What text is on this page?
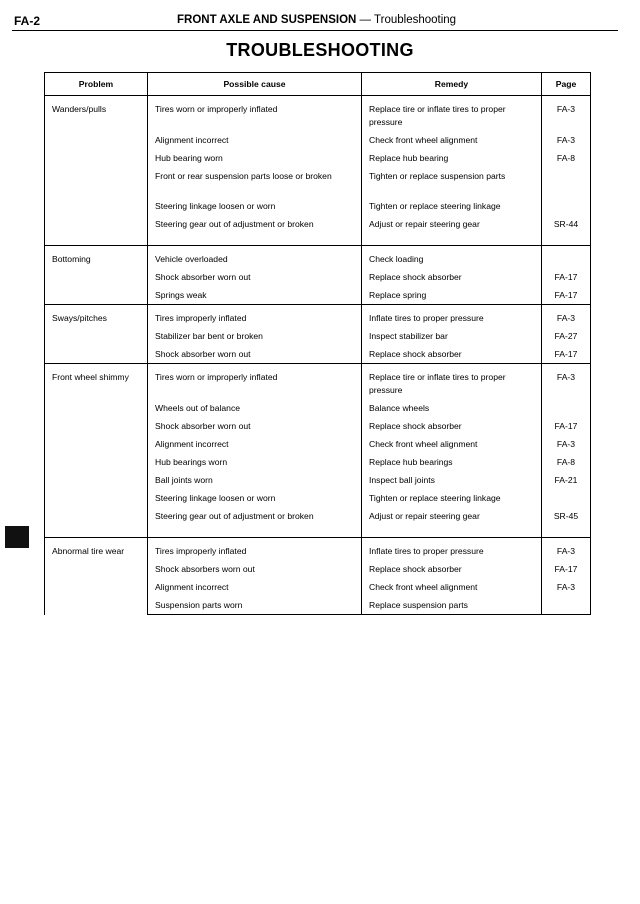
FA-2	FRONT AXLE AND SUSPENSION — Troubleshooting
TROUBLESHOOTING
Problem	Possible cause	Remedy	Page

Wanders/pulls	Tires worn or improperly inflated	Replace tire or inflate tires to proper pressure	FA-3

	Alignment incorrect	Check front wheel alignment	FA-3

	Hub bearing worn	Replace hub bearing	FA-8

	Front or rear suspension parts loose or broken	Tighten or replace suspension parts	

	Steering linkage loosen or worn	Tighten or replace steering linkage	

	Steering gear out of adjustment or broken	Adjust or repair steering gear	SR-44

Bottoming	Vehicle overloaded	Check loading	

	Shock absorber worn out	Replace shock absorber	FA-17

	Springs weak	Replace spring	FA-17

Sways/pitches	Tires improperly inflated	Inflate tires to proper pressure	FA-3

	Stabilizer bar bent or broken	Inspect stabilizer bar	FA-27

	Shock absorber worn out	Replace shock absorber	FA-17

Front wheel shimmy	Tires worn or improperly inflated	Replace tire or inflate tires to proper pressure	FA-3

	Wheels out of balance	Balance wheels	

	Shock absorber worn out	Replace shock absorber	FA-17

	Alignment incorrect	Check front wheel alignment	FA-3

	Hub bearings worn	Replace hub bearings	FA-8

	Ball joints worn	Inspect ball joints	FA-21

	Steering linkage loosen or worn	Tighten or replace steering linkage	

	Steering gear out of adjustment or broken	Adjust or repair steering gear	SR-45

Abnormal tire wear	Tires improperly inflated	Inflate tires to proper pressure	FA-3

	Shock absorbers worn out	Replace shock absorber	FA-17

	Alignment incorrect	Check front wheel alignment	FA-3

	Suspension parts worn	Replace suspension parts	
